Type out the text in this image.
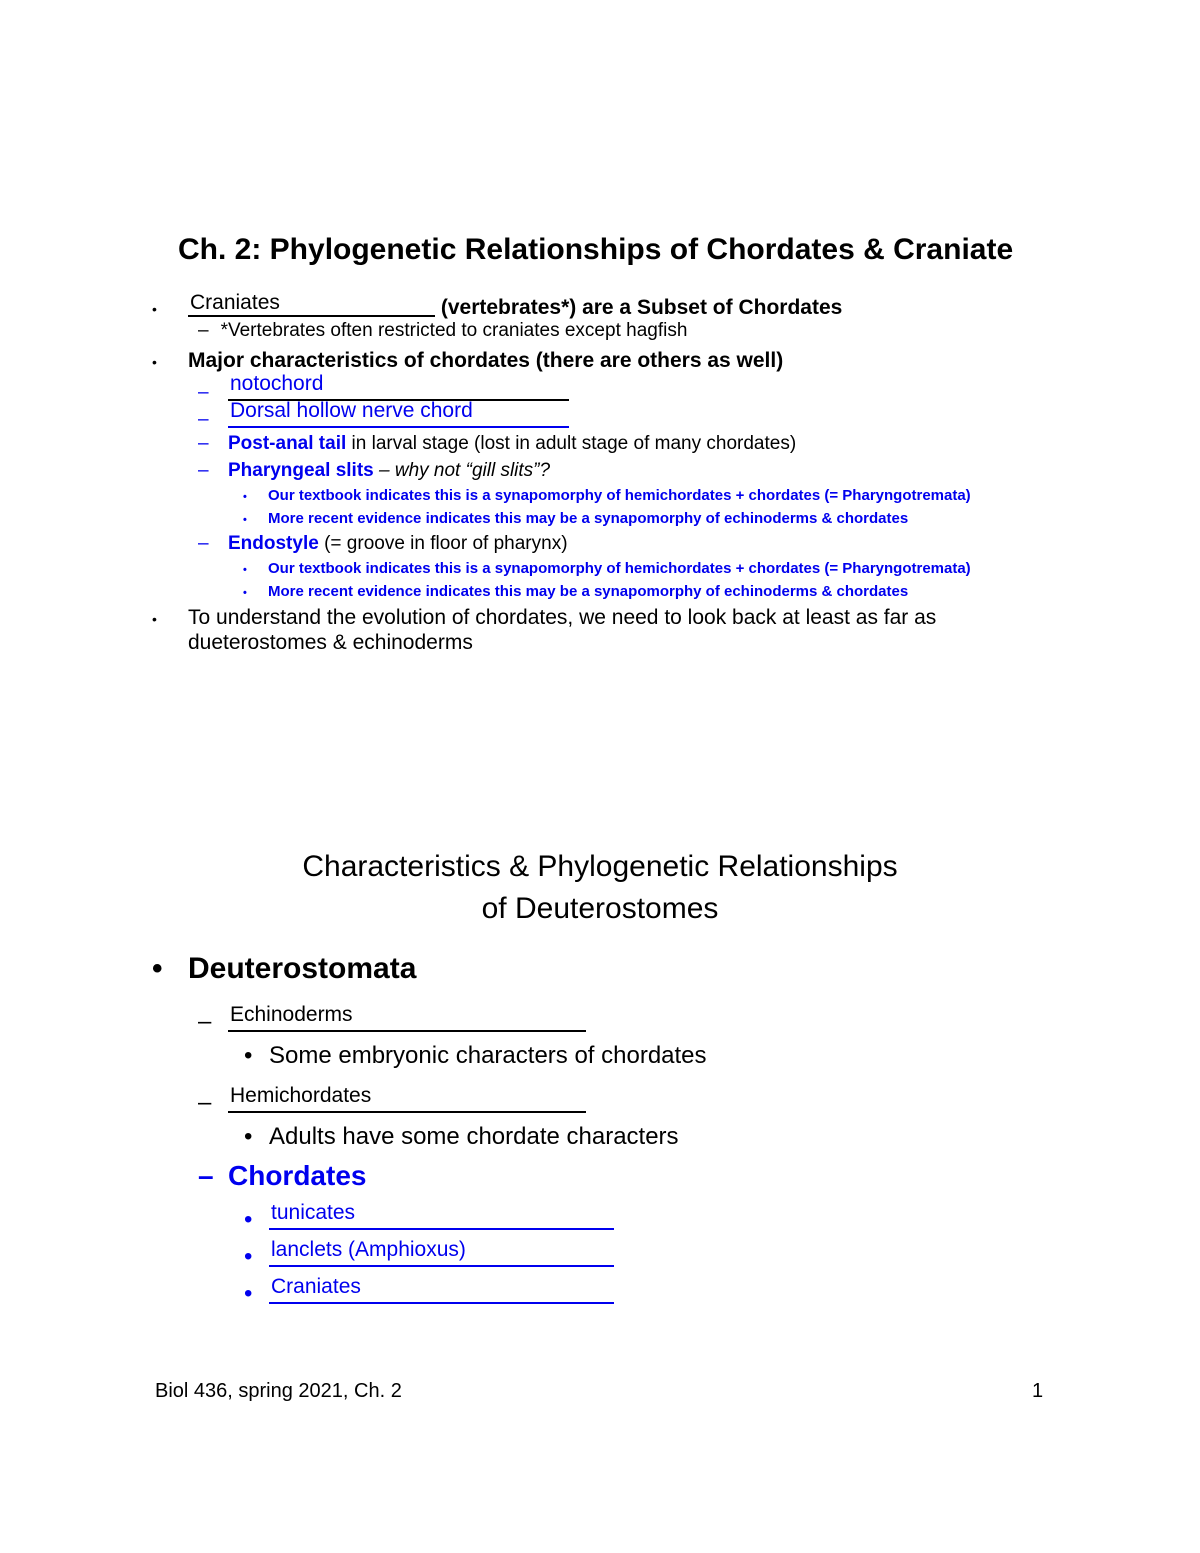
Ch. 2: Phylogenetic Relationships of Chordates & Craniate
• Craniates	(vertebrates*) are a Subset of Chordates
– *Vertebrates often restricted to craniates except hagfish
• Major characteristics of chordates (there are others as well)
– notochord
– Dorsal hollow nerve chord
– Post-anal tail in larval stage (lost in adult stage of many chordates)
– Pharyngeal slits – why not “gill slits”?
• Our textbook indicates this is a synapomorphy of hemichordates + chordates (= Pharyngotremata)
• More recent evidence indicates this may be a synapomorphy of echinoderms & chordates
– Endostyle (= groove in floor of pharynx)
• Our textbook indicates this is a synapomorphy of hemichordates + chordates (= Pharyngotremata)
• More recent evidence indicates this may be a synapomorphy of echinoderms & chordates
• To understand the evolution of chordates, we need to look back at least as far as
dueterostomes & echinoderms
Characteristics & Phylogenetic Relationships
of Deuterostomes
• Deuterostomata
– Echinoderms
• Some embryonic characters of chordates
– Hemichordates
• Adults have some chordate characters
– Chordates
• tunicates
• lanclets (Amphioxus)
• Craniates
Biol 436, spring 2021, Ch. 2	1
